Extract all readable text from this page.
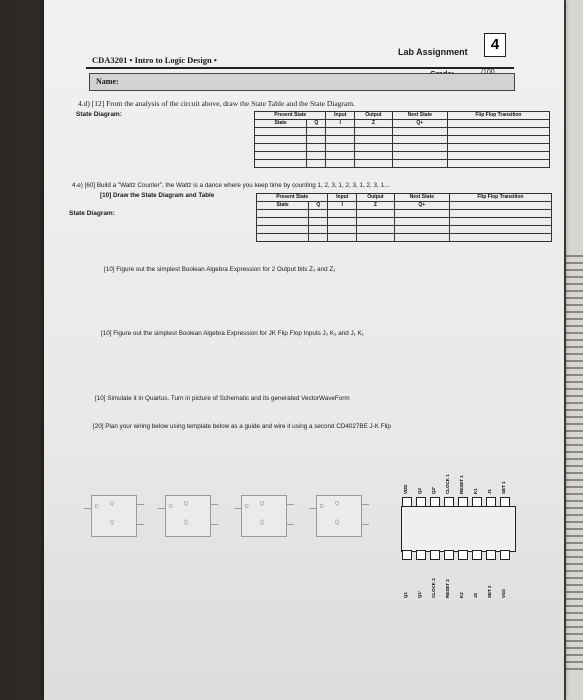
CDA3201 • Intro to Logic Design •
Lab Assignment	4
Name:
4.d) [12] From the analysis of the circuit above, draw the State Table and the State Diagram.
State Diagram:	Present State		Input	Output	Next State	Flip Flop Transition
State	Q	I	Z	Q+	

4.e) [60] Build a "Waltz Counter", the Waltz is a dance where you keep time by counting 1, 2, 3, 1, 2, 3, 1, 2, 3, 1…
[10] Draw the State Diagram and Table
State Diagram:
Present State		Input	Output	Next State	Flip Flop Transition
State	Q	I	Z	Q+	

[10] Figure out the simplest Boolean Algebra Expression for 2 Output bits Z₂ and Z₁
[10] Figure out the simplest Boolean Algebra Expression for JK Flip Flop Inputs J₂ K₂ and J₁ K₁
[10] Simulate it in Quartus. Turn in picture of Schematic and its generated VectorWaveForm
[20] Plan your wiring below using template below as a guide and wire it using a second CD4027BE J-K Flip
Q
Q̄
D	Q
Q̄
D	Q
Q̄
D	Q
Q̄
D
VDD Q2 Q2' CLOCK 1 RESET 1 K1 J1 SET 1
Q1 Q1' CLOCK 2 RESET 2 K2 J2 SET 2 VSS
